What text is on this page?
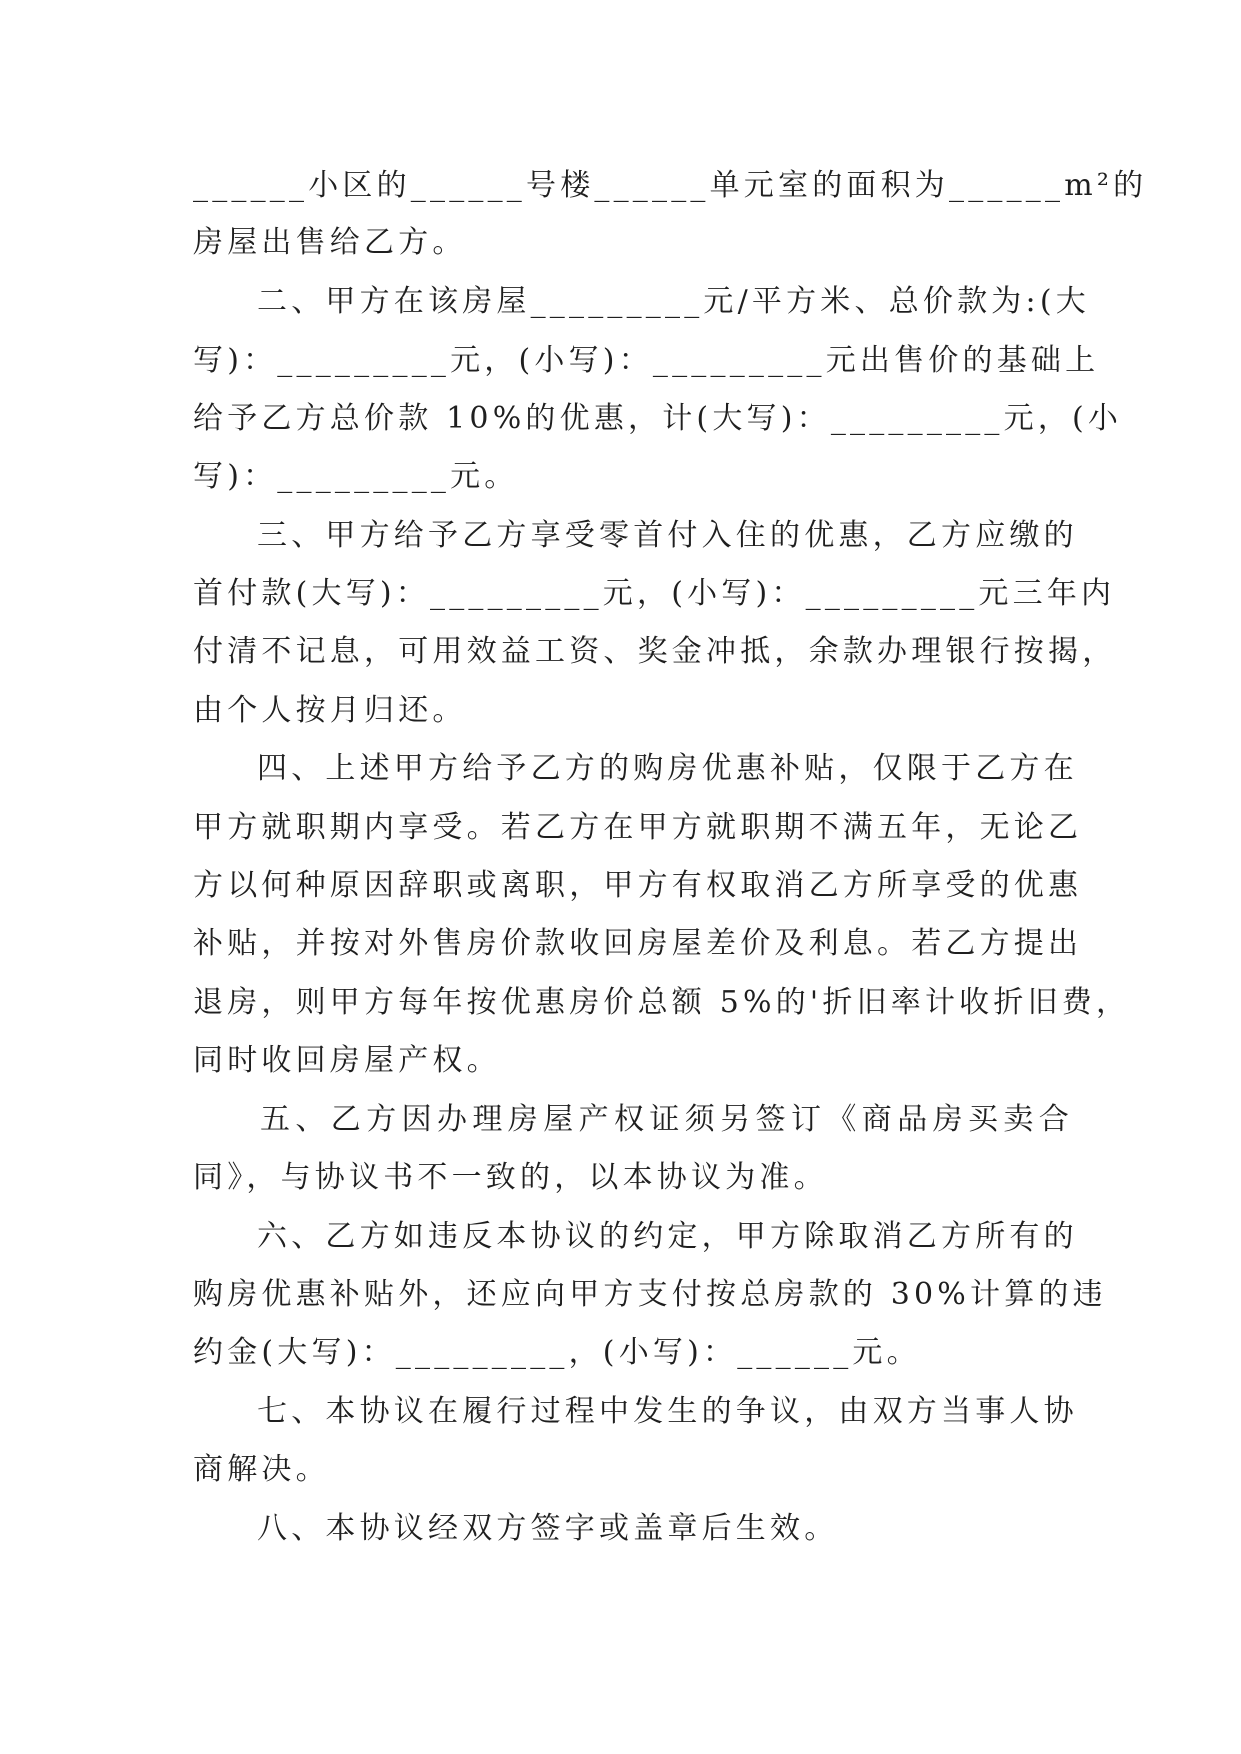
______小区的______号楼______单元室的面积为______m²的

房屋出售给乙方。

二、甲方在该房屋_________元/平方米、总价款为:(大

写)：_________元，(小写)：_________元出售价的基础上

给予乙方总价款 10%的优惠，计(大写)：_________元，(小

写)：_________元。

三、甲方给予乙方享受零首付入住的优惠，乙方应缴的

首付款(大写)：_________元，(小写)：_________元三年内

付清不记息，可用效益工资、奖金冲抵，余款办理银行按揭，

由个人按月归还。

四、上述甲方给予乙方的购房优惠补贴，仅限于乙方在

甲方就职期内享受。若乙方在甲方就职期不满五年，无论乙

方以何种原因辞职或离职，甲方有权取消乙方所享受的优惠

补贴，并按对外售房价款收回房屋差价及利息。若乙方提出

退房，则甲方每年按优惠房价总额 5%的'折旧率计收折旧费，

同时收回房屋产权。

五、乙方因办理房屋产权证须另签订《商品房买卖合

同》，与协议书不一致的，以本协议为准。

六、乙方如违反本协议的约定，甲方除取消乙方所有的

购房优惠补贴外，还应向甲方支付按总房款的 30%计算的违

约金(大写)：_________，(小写)：______元。

七、本协议在履行过程中发生的争议，由双方当事人协

商解决。

八、本协议经双方签字或盖章后生效。
